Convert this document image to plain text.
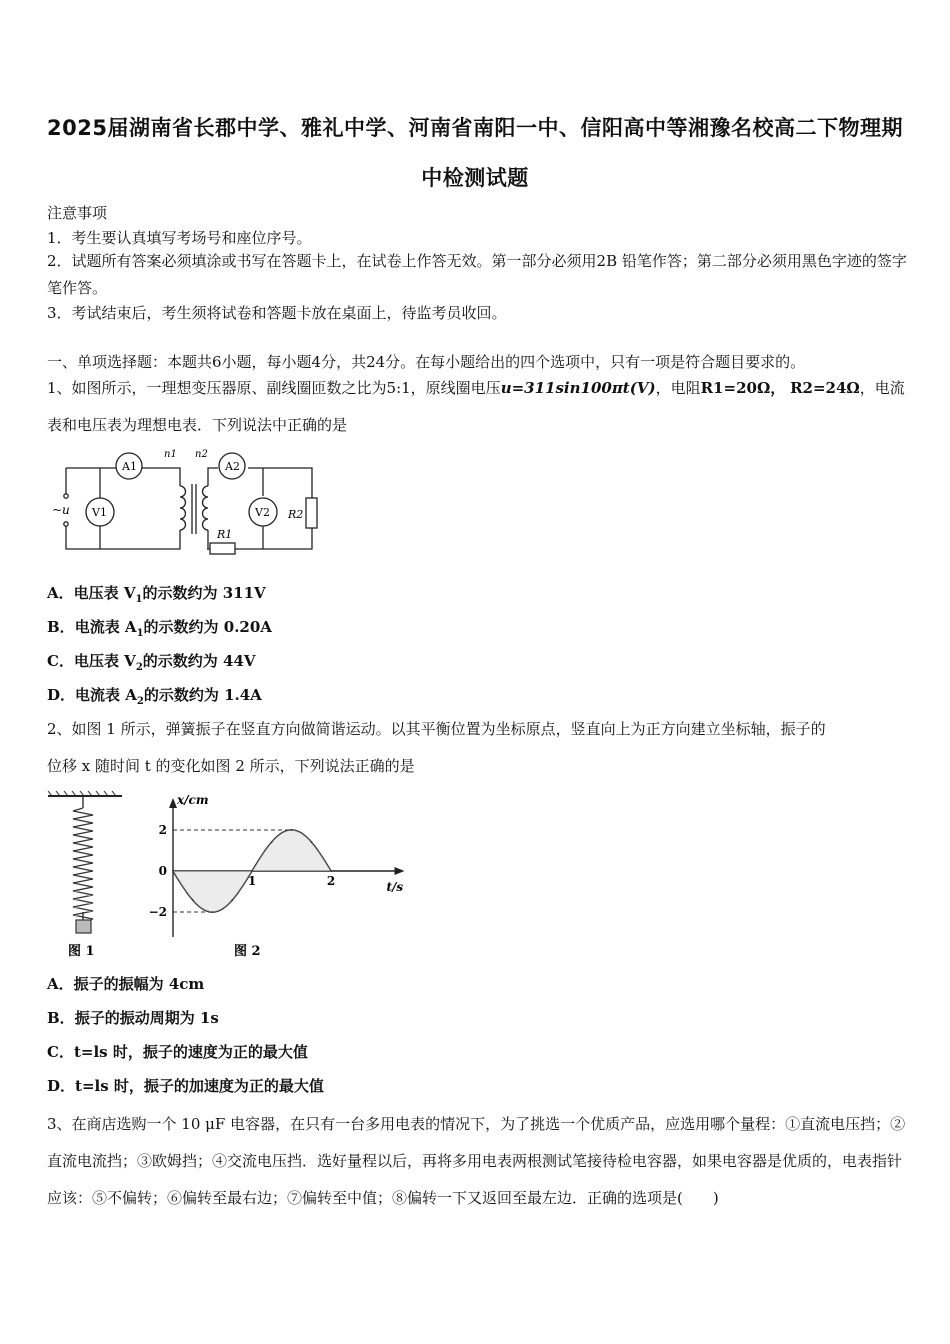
2025届湖南省长郡中学、雅礼中学、河南省南阳一中、信阳高中等湘豫名校高二下物理期
中检测试题
注意事项
1．考生要认真填写考场号和座位序号。
2．试题所有答案必须填涂或书写在答题卡上，在试卷上作答无效。第一部分必须用2B 铅笔作答；第二部分必须用黑色字迹的签字笔作答。
3．考试结束后，考生须将试卷和答题卡放在桌面上，待监考员收回。
一、单项选择题：本题共6小题，每小题4分，共24分。在每小题给出的四个选项中，只有一项是符合题目要求的。
1、如图所示，一理想变压器原、副线圈匝数之比为5:1，原线圈电压u=311sin100πt(V)，电阻R1=20Ω， R2=24Ω，电流
表和电压表为理想电表．下列说法中正确的是
A1	A2
V1	V2
n1 n2
R1
R2
~u
A．电压表 $V_1$的示数约为 311V
B．电流表 $A_1$的示数约为 0.20A
C．电压表 $V_2$的示数约为 44V
D．电流表 $A_2$的示数约为 1.4A
2、如图 1 所示，弹簧振子在竖直方向做简谐运动。以其平衡位置为坐标原点，竖直向上为正方向建立坐标轴，振子的
位移 x 随时间 t 的变化如图 2 所示，下列说法正确的是
图 1
t/s
x/cm
2
0
−2
1	2
图 2
A．振子的振幅为 4cm
B．振子的振动周期为 1s
C．t=ls 时，振子的速度为正的最大值
D．t=ls 时，振子的加速度为正的最大值
3、在商店选购一个 10 μF 电容器，在只有一台多用电表的情况下，为了挑选一个优质产品，应选用哪个量程：①直流电压挡；②直流电流挡；③欧姆挡；④交流电压挡．选好量程以后，再将多用电表两根测试笔接待检电容器，如果电容器是优质的，电表指针应该：⑤不偏转；⑥偏转至最右边；⑦偏转至中值；⑧偏转一下又返回至最左边．正确的选项是(　　)
